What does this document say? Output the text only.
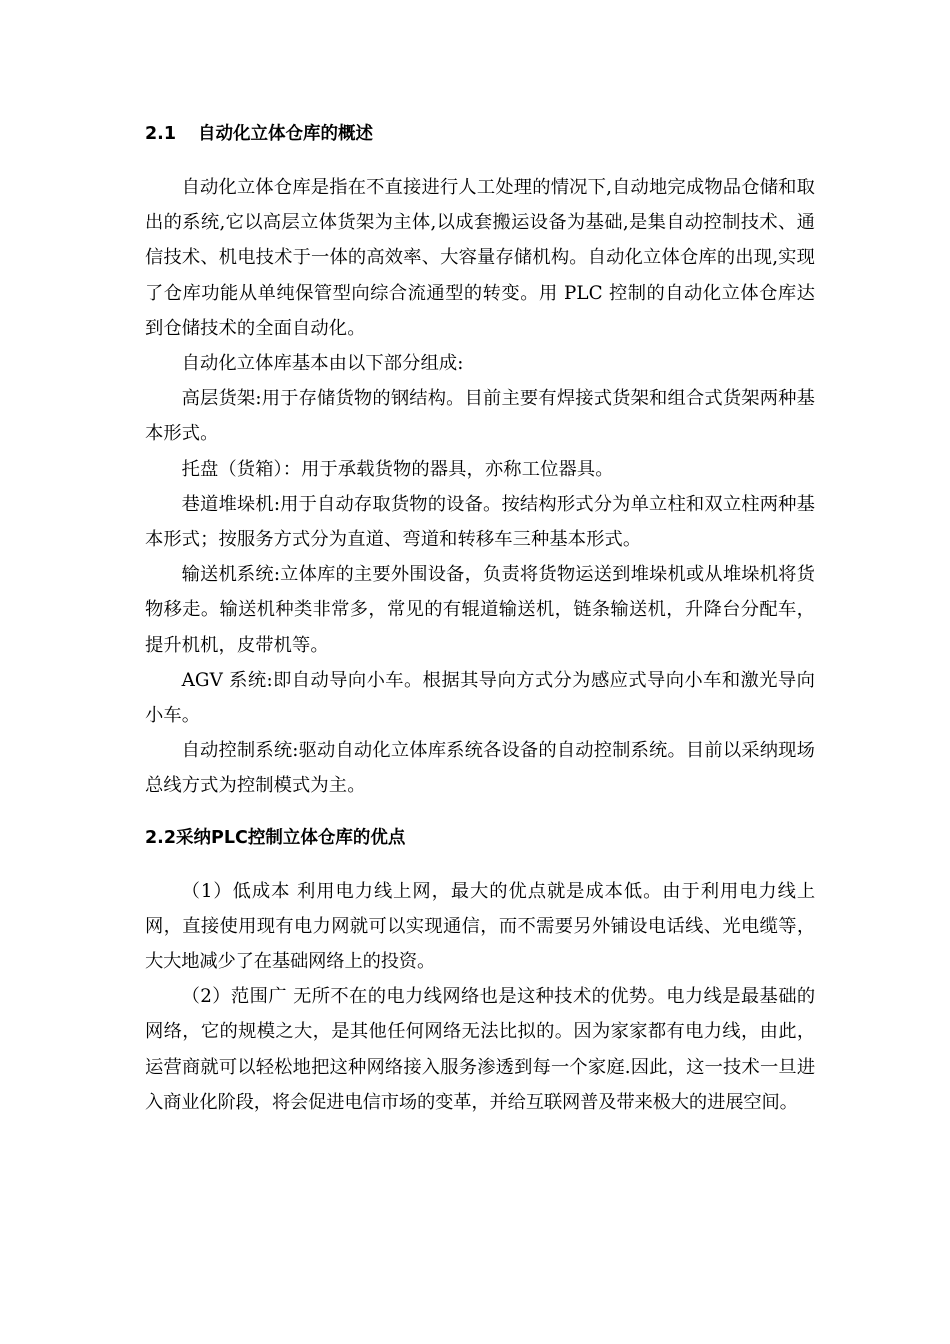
2.1 自动化立体仓库的概述

自动化立体仓库是指在不直接进行人工处理的情况下,自动地完成物品仓储和取出的系统,它以高层立体货架为主体,以成套搬运设备为基础,是集自动控制技术、通信技术、机电技术于一体的高效率、大容量存储机构。自动化立体仓库的出现,实现了仓库功能从单纯保管型向综合流通型的转变。用 PLC 控制的自动化立体仓库达到仓储技术的全面自动化。

自动化立体库基本由以下部分组成:

高层货架:用于存储货物的钢结构。目前主要有焊接式货架和组合式货架两种基本形式。

托盘（货箱）：用于承载货物的器具，亦称工位器具。

巷道堆垛机:用于自动存取货物的设备。按结构形式分为单立柱和双立柱两种基本形式；按服务方式分为直道、弯道和转移车三种基本形式。

输送机系统:立体库的主要外围设备，负责将货物运送到堆垛机或从堆垛机将货物移走。输送机种类非常多，常见的有辊道输送机，链条输送机，升降台分配车，提升机机，皮带机等。

AGV 系统:即自动导向小车。根据其导向方式分为感应式导向小车和激光导向小车。

自动控制系统:驱动自动化立体库系统各设备的自动控制系统。目前以采纳现场总线方式为控制模式为主。

2.2采纳PLC控制立体仓库的优点

（1）低成本 利用电力线上网，最大的优点就是成本低。由于利用电力线上网，直接使用现有电力网就可以实现通信，而不需要另外铺设电话线、光电缆等，大大地减少了在基础网络上的投资。

（2）范围广 无所不在的电力线网络也是这种技术的优势。电力线是最基础的网络，它的规模之大，是其他任何网络无法比拟的。因为家家都有电力线，由此，运营商就可以轻松地把这种网络接入服务渗透到每一个家庭.因此，这一技术一旦进入商业化阶段，将会促进电信市场的变革，并给互联网普及带来极大的进展空间。
